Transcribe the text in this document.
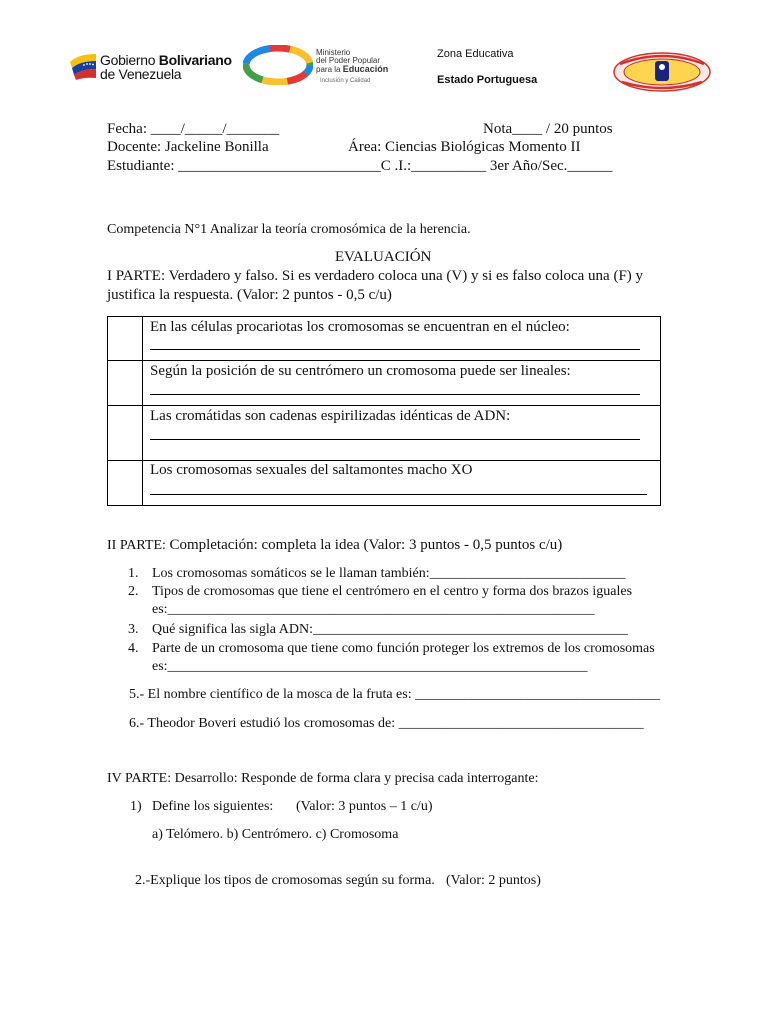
Gobierno Bolivariano
de Venezuela
Ministerio
del Poder Popular
para la Educación
Inclusión y Calidad
Zona Educativa
Estado Portuguesa
Fecha: ____/_____/_______	Nota____ / 20 puntos
Docente: Jackeline Bonilla	Área: Ciencias Biológicas Momento II
Estudiante: ___________________________C .I.:__________ 3er Año/Sec.______
Competencia N°1 Analizar la teoría cromosómica de la herencia.
EVALUACIÓN
I PARTE: Verdadero y falso. Si es verdadero coloca una (V) y si es falso coloca una (F) y
justifica la respuesta. (Valor: 2 puntos - 0,5 c/u)
En las células procariotas los cromosomas se encuentran en el núcleo:
Según la posición de su centrómero un cromosoma puede ser lineales:
Las cromátidas son cadenas espirilizadas idénticas de ADN:
Los cromosomas sexuales del saltamontes macho XO
II PARTE: Completación: completa la idea (Valor: 3 puntos - 0,5 puntos c/u)
1. Los cromosomas somáticos se le llaman también:____________________________
2. Tipos de cromosomas que tiene el centrómero en el centro y forma dos brazos iguales
es:_____________________________________________________________
3. Qué significa las sigla ADN:_____________________________________________
4. Parte de un cromosoma que tiene como función proteger los extremos de los cromosomas
es:____________________________________________________________
5.- El nombre científico de la mosca de la fruta es: ___________________________________
6.- Theodor Boveri estudió los cromosomas de: ___________________________________
IV PARTE: Desarrollo: Responde de forma clara y precisa cada interrogante:
1) Define los siguientes: (Valor: 3 puntos – 1 c/u)
a) Telómero. b) Centrómero. c) Cromosoma
2.-Explique los tipos de cromosomas según su forma. (Valor: 2 puntos)
